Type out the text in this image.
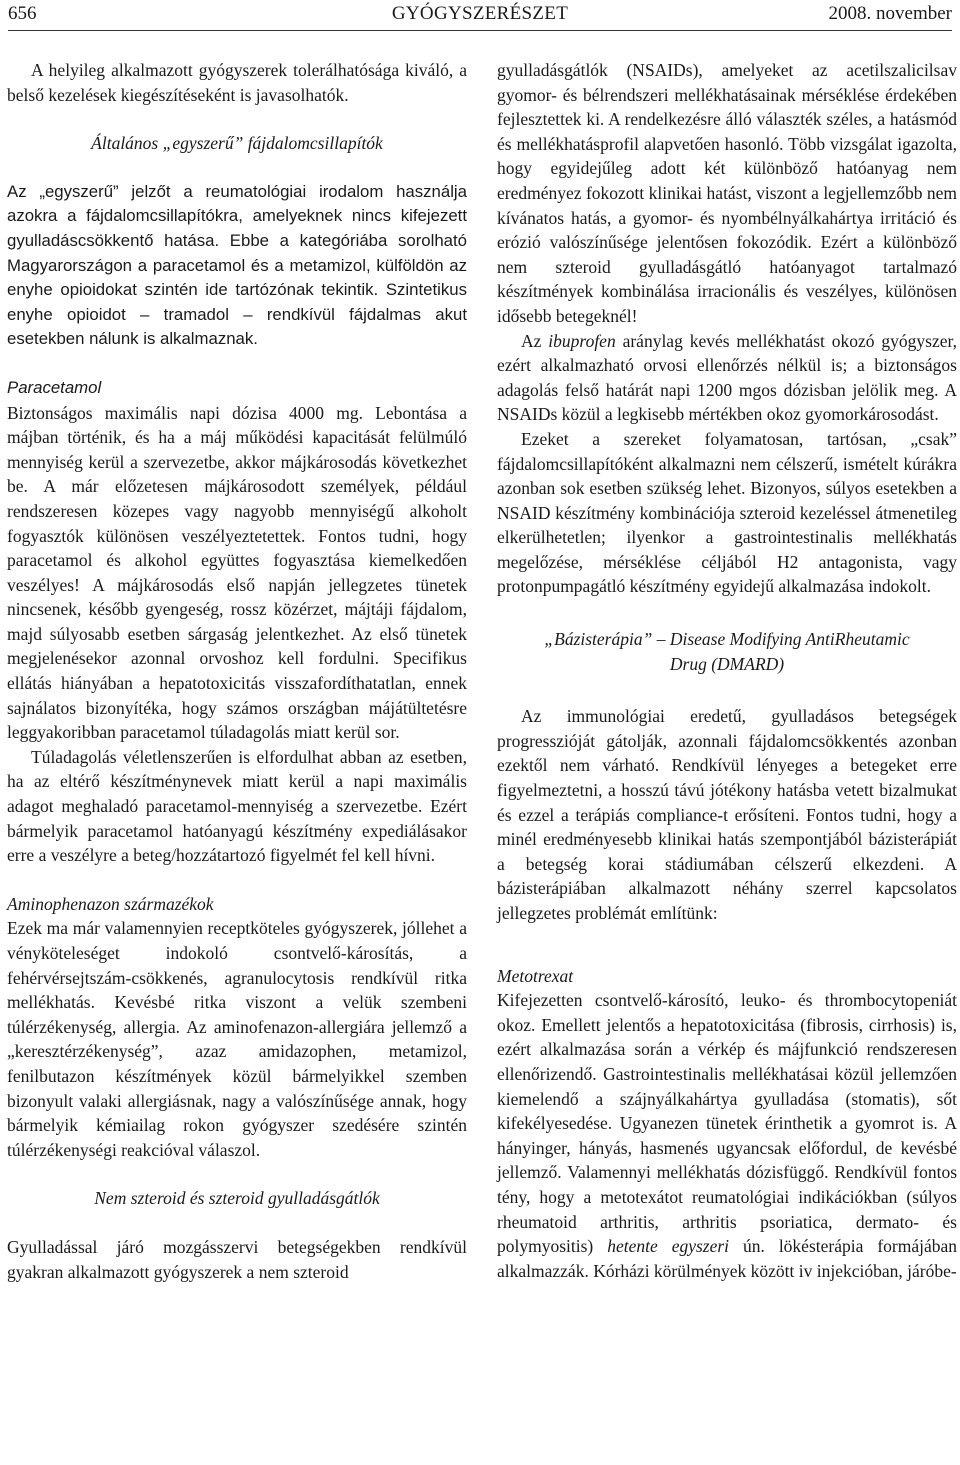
656	GYÓGYSZERÉSZET	2008. november

A helyileg alkalmazott gyógyszerek tolerálhatósága kiváló, a belső kezelések kiegészítéseként is javasolhatók.

Általános „egyszerű” fájdalomcsillapítók

Az „egyszerű” jelzőt a reumatológiai irodalom használja azokra a fájdalomcsillapítókra, amelyeknek nincs kifejezett gyulladáscsökkentő hatása. Ebbe a kategóriába sorolható Magyarországon a paracetamol és a metamizol, külföldön az enyhe opioidokat szintén ide tartózónak tekintik. Szintetikus enyhe opioidot – tramadol – rendkívül fájdalmas akut esetekben nálunk is alkalmaznak.

Paracetamol

Biztonságos maximális napi dózisa 4000 mg. Lebontása a májban történik, és ha a máj működési kapacitását felülmúló mennyiség kerül a szervezetbe, akkor májkárosodás következhet be. A már előzetesen májkárosodott személyek, például rendszeresen közepes vagy nagyobb mennyiségű alkoholt fogyasztók különösen veszélyeztetettek. Fontos tudni, hogy paracetamol és alkohol együttes fogyasztása kiemelkedően veszélyes! A májkárosodás első napján jellegzetes tünetek nincsenek, később gyengeség, rossz közérzet, májtáji fájdalom, majd súlyosabb esetben sárgaság jelentkezhet. Az első tünetek megjelenésekor azonnal orvoshoz kell fordulni. Specifikus ellátás hiányában a hepatotoxicitás visszafordíthatatlan, ennek sajnálatos bizonyítéka, hogy számos országban májátültetésre leggyakoribban paracetamol túladagolás miatt kerül sor.

Túladagolás véletlenszerűen is elfordulhat abban az esetben, ha az eltérő készítménynevek miatt kerül a napi maximális adagot meghaladó paracetamol-mennyiség a szervezetbe. Ezért bármelyik paracetamol hatóanyagú készítmény expediálásakor erre a veszélyre a beteg/hozzátartozó figyelmét fel kell hívni.

Aminophenazon származékok

Ezek ma már valamennyien receptköteles gyógyszerek, jóllehet a vényköteleséget indokoló csontvelő-károsítás, a fehérvérsejtszám-csökkenés, agranulocytosis rendkívül ritka mellékhatás. Kevésbé ritka viszont a velük szembeni túlérzékenység, allergia. Az aminofenazon-allergiára jellemző a „keresztérzékenység”, azaz amidazophen, metamizol, fenilbutazon készítmények közül bármelyikkel szemben bizonyult valaki allergiásnak, nagy a valószínűsége annak, hogy bármelyik kémiailag rokon gyógyszer szedésére szintén túlérzékenységi reakcióval válaszol.

Nem szteroid és szteroid gyulladásgátlók

Gyulladással járó mozgásszervi betegségekben rendkívül gyakran alkalmazott gyógyszerek a nem szteroid

gyulladásgátlók (NSAIDs), amelyeket az acetilszalicilsav gyomor- és bélrendszeri mellékhatásainak mérséklése érdekében fejlesztettek ki. A rendelkezésre álló választék széles, a hatásmód és mellékhatásprofil alapvetően hasonló. Több vizsgálat igazolta, hogy egyidejűleg adott két különböző hatóanyag nem eredményez fokozott klinikai hatást, viszont a legjellemzőbb nem kívánatos hatás, a gyomor- és nyombélnyálkahártya irritáció és erózió valószínűsége jelentősen fokozódik. Ezért a különböző nem szteroid gyulladásgátló hatóanyagot tartalmazó készítmények kombinálása irracionális és veszélyes, különösen idősebb betegeknél!

Az ibuprofen aránylag kevés mellékhatást okozó gyógyszer, ezért alkalmazható orvosi ellenőrzés nélkül is; a biztonságos adagolás felső határát napi 1200 mgos dózisban jelölik meg. A NSAIDs közül a legkisebb mértékben okoz gyomorkárosodást.

Ezeket a szereket folyamatosan, tartósan, „csak” fájdalomcsillapítóként alkalmazni nem célszerű, ismételt kúrákra azonban sok esetben szükség lehet. Bizonyos, súlyos esetekben a NSAID készítmény kombinációja szteroid kezeléssel átmenetileg elkerülhetetlen; ilyenkor a gastrointestinalis mellékhatás megelőzése, mérséklése céljából H2 antagonista, vagy protonpumpagátló készítmény egyidejű alkalmazása indokolt.

„Bázisterápia” – Disease Modifying AntiRheutamic
Drug (DMARD)

Az immunológiai eredetű, gyulladásos betegségek progresszióját gátolják, azonnali fájdalomcsökkentés azonban ezektől nem várható. Rendkívül lényeges a betegeket erre figyelmeztetni, a hosszú távú jótékony hatásba vetett bizalmukat és ezzel a terápiás compliance-t erősíteni. Fontos tudni, hogy a minél eredményesebb klinikai hatás szempontjából bázisterápiát a betegség korai stádiumában célszerű elkezdeni. A bázisterápiában alkalmazott néhány szerrel kapcsolatos jellegzetes problémát említünk:

Metotrexat

Kifejezetten csontvelő-károsító, leuko- és thrombocytopeniát okoz. Emellett jelentős a hepatotoxicitása (fibrosis, cirrhosis) is, ezért alkalmazása során a vérkép és májfunkció rendszeresen ellenőrizendő. Gastrointestinalis mellékhatásai közül jellemzően kiemelendő a szájnyálkahártya gyulladása (stomatis), sőt kifekélyesedése. Ugyanezen tünetek érinthetik a gyomrot is. A hányinger, hányás, hasmenés ugyancsak előfordul, de kevésbé jellemző. Valamennyi mellékhatás dózisfüggő. Rendkívül fontos tény, hogy a metotexátot reumatológiai indikációkban (súlyos rheumatoid arthritis, arthritis psoriatica, dermato- és polymyositis) hetente egyszeri ún. lökésterápia formájában alkalmazzák. Kórházi körülmények között iv injekcióban, járóbe-
